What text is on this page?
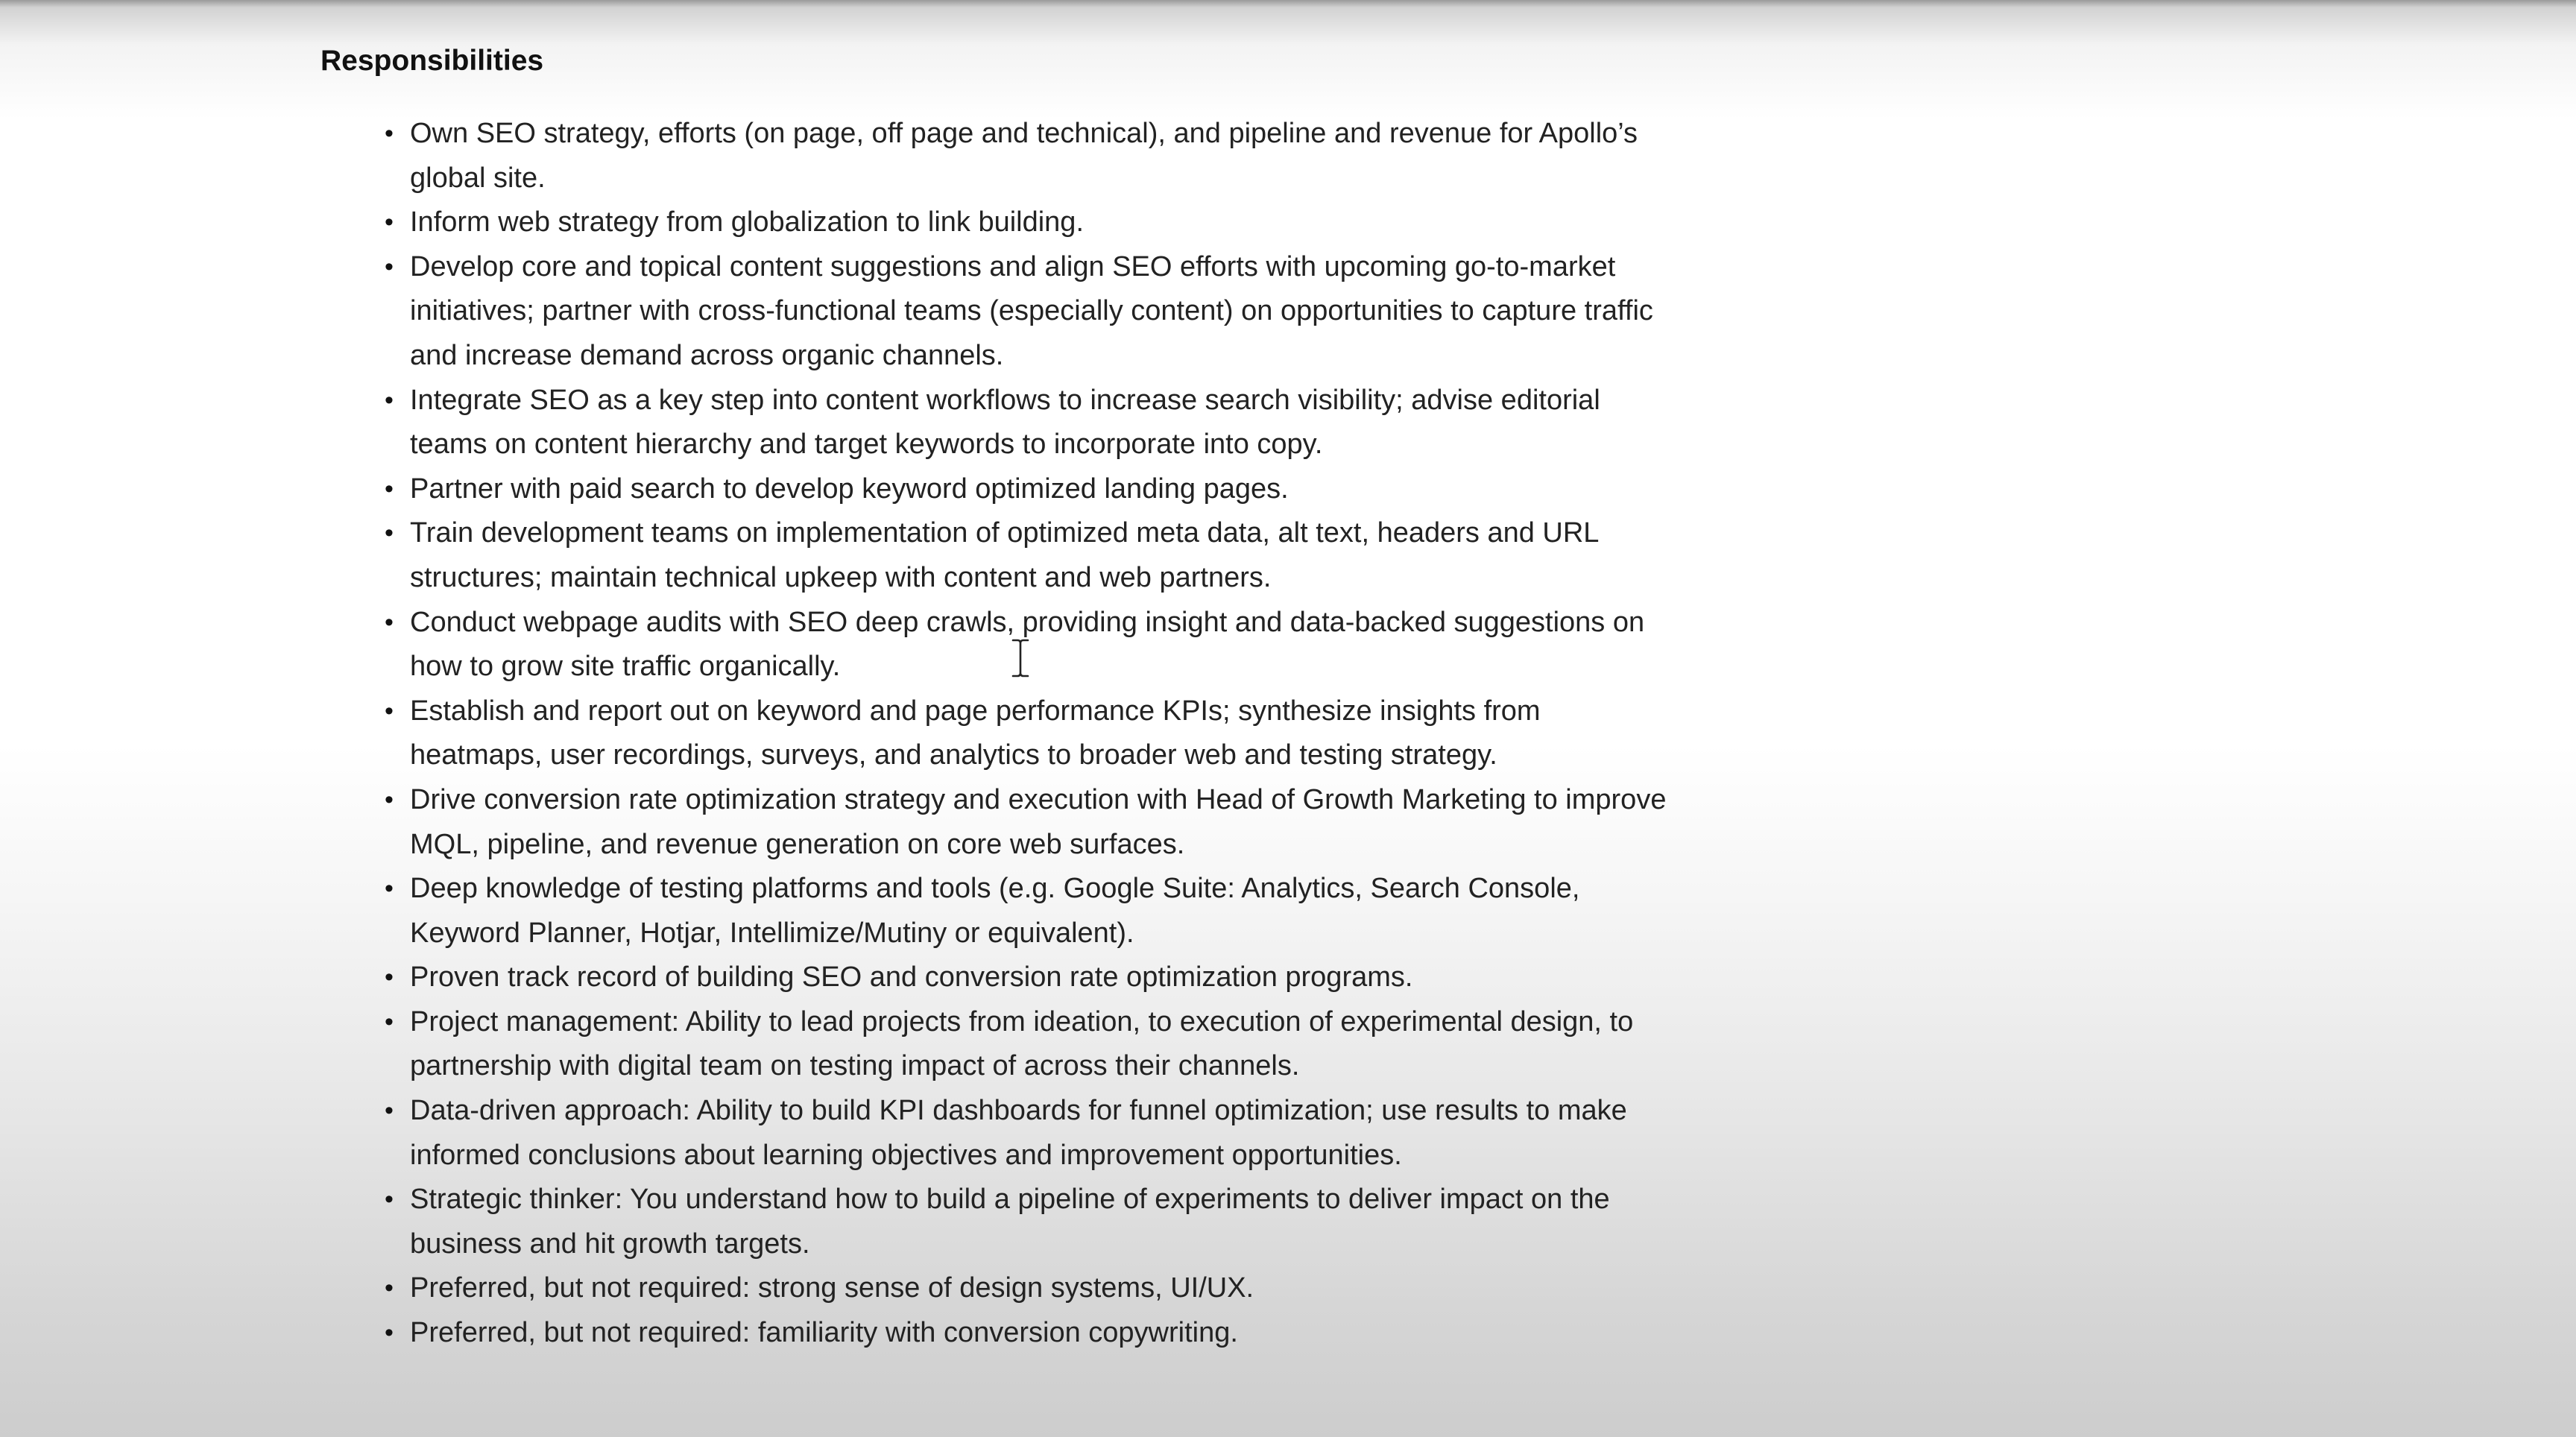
Responsibilities
• Own SEO strategy, efforts (on page, off page and technical), and pipeline and revenue for Apollo’s global site.
• Inform web strategy from globalization to link building.
• Develop core and topical content suggestions and align SEO efforts with upcoming go-to-market initiatives; partner with cross-functional teams (especially content) on opportunities to capture traffic and increase demand across organic channels.
• Integrate SEO as a key step into content workflows to increase search visibility; advise editorial teams on content hierarchy and target keywords to incorporate into copy.
• Partner with paid search to develop keyword optimized landing pages.
• Train development teams on implementation of optimized meta data, alt text, headers and URL structures; maintain technical upkeep with content and web partners.
• Conduct webpage audits with SEO deep crawls, providing insight and data-backed suggestions on how to grow site traffic organically.
• Establish and report out on keyword and page performance KPIs; synthesize insights from heatmaps, user recordings, surveys, and analytics to broader web and testing strategy.
• Drive conversion rate optimization strategy and execution with Head of Growth Marketing to improve MQL, pipeline, and revenue generation on core web surfaces.
• Deep knowledge of testing platforms and tools (e.g. Google Suite: Analytics, Search Console, Keyword Planner, Hotjar, Intellimize/Mutiny or equivalent).
• Proven track record of building SEO and conversion rate optimization programs.
• Project management: Ability to lead projects from ideation, to execution of experimental design, to partnership with digital team on testing impact of across their channels.
• Data-driven approach: Ability to build KPI dashboards for funnel optimization; use results to make informed conclusions about learning objectives and improvement opportunities.
• Strategic thinker: You understand how to build a pipeline of experiments to deliver impact on the business and hit growth targets.
• Preferred, but not required: strong sense of design systems, UI/UX.
• Preferred, but not required: familiarity with conversion copywriting.
